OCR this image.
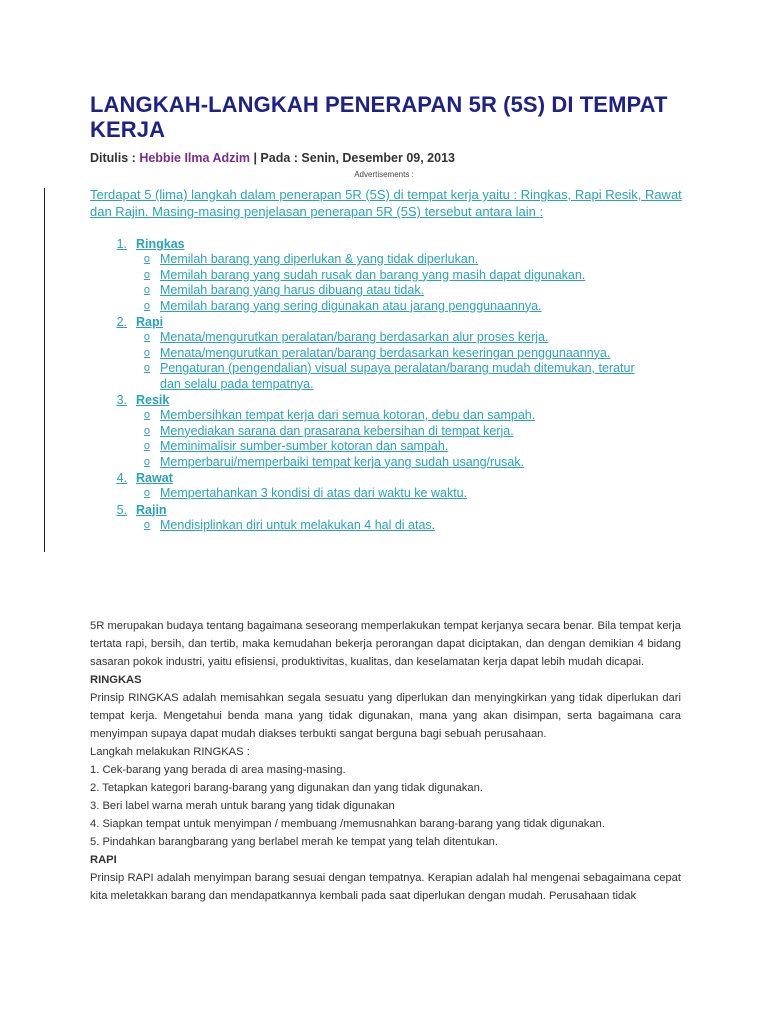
LANGKAH-LANGKAH PENERAPAN 5R (5S) DI TEMPAT KERJA
Ditulis : Hebbie Ilma Adzim | Pada : Senin, Desember 09, 2013
Advertisements :

Terdapat 5 (lima) langkah dalam penerapan 5R (5S) di tempat kerja yaitu : Ringkas, Rapi Resik, Rawat dan Rajin. Masing-masing penjelasan penerapan 5R (5S) tersebut antara lain :

1. Ringkas
o Memilah barang yang diperlukan & yang tidak diperlukan.
o Memilah barang yang sudah rusak dan barang yang masih dapat digunakan.
o Memilah barang yang harus dibuang atau tidak.
o Memilah barang yang sering digunakan atau jarang penggunaannya.
2. Rapi
o Menata/mengurutkan peralatan/barang berdasarkan alur proses kerja.
o Menata/mengurutkan peralatan/barang berdasarkan keseringan penggunaannya.
o Pengaturan (pengendalian) visual supaya peralatan/barang mudah ditemukan, teratur dan selalu pada tempatnya.
3. Resik
o Membersihkan tempat kerja dari semua kotoran, debu dan sampah.
o Menyediakan sarana dan prasarana kebersihan di tempat kerja.
o Meminimalisir sumber-sumber kotoran dan sampah.
o Memperbarui/memperbaiki tempat kerja yang sudah usang/rusak.
4. Rawat
o Mempertahankan 3 kondisi di atas dari waktu ke waktu.
5. Rajin
o Mendisiplinkan diri untuk melakukan 4 hal di atas.

5R merupakan budaya tentang bagaimana seseorang memperlakukan tempat kerjanya secara benar. Bila tempat kerja tertata rapi, bersih, dan tertib, maka kemudahan bekerja perorangan dapat diciptakan, dan dengan demikian 4 bidang sasaran pokok industri, yaitu efisiensi, produktivitas, kualitas, dan keselamatan kerja dapat lebih mudah dicapai.

RINGKAS

Prinsip RINGKAS adalah memisahkan segala sesuatu yang diperlukan dan menyingkirkan yang tidak diperlukan dari tempat kerja. Mengetahui benda mana yang tidak digunakan, mana yang akan disimpan, serta bagaimana cara menyimpan supaya dapat mudah diakses terbukti sangat berguna bagi sebuah perusahaan.

Langkah melakukan RINGKAS :

1. Cek-barang yang berada di area masing-masing.

2. Tetapkan kategori barang-barang yang digunakan dan yang tidak digunakan.

3. Beri label warna merah untuk barang yang tidak digunakan

4. Siapkan tempat untuk menyimpan / membuang /memusnahkan barang-barang yang tidak digunakan.

5. Pindahkan barangbarang yang berlabel merah ke tempat yang telah ditentukan.

RAPI

Prinsip RAPI adalah menyimpan barang sesuai dengan tempatnya. Kerapian adalah hal mengenai sebagaimana cepat kita meletakkan barang dan mendapatkannya kembali pada saat diperlukan dengan mudah. Perusahaan tidak
